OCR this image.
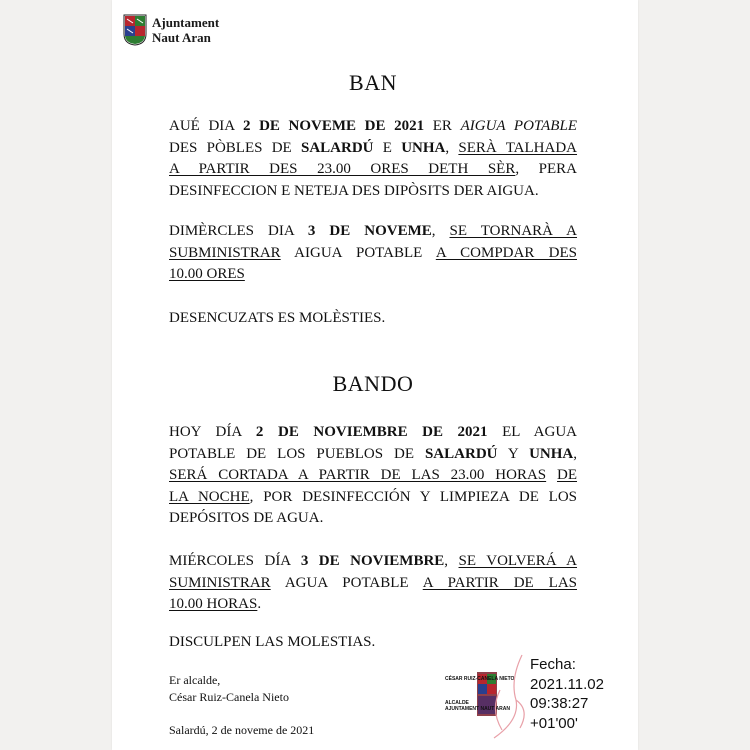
Ajuntament
Naut Aran
BAN
AUÉ DIA 2 DE NOVEME DE 2021 ER AIGUA POTABLE
DES PÒBLES DE SALARDÚ E UNHA, SERÀ TALHADA
A PARTIR DES 23.00 ORES DETH SÈR, PERA
DESINFECCION E NETEJA DES DIPÒSITS DER AIGUA.
DIMÈRCLES DIA 3 DE NOVEME, SE TORNARÀ A
SUBMINISTRAR AIGUA POTABLE A COMPDAR DES
10.00 ORES
DESENCUZATS ES MOLÈSTIES.
BANDO
HOY DÍA 2 DE NOVIEMBRE DE 2021 EL AGUA
POTABLE DE LOS PUEBLOS DE SALARDÚ Y UNHA,
SERÁ CORTADA A PARTIR DE LAS 23.00 HORAS DE
LA NOCHE, POR DESINFECCIÓN Y LIMPIEZA DE LOS
DEPÓSITOS DE AGUA.
MIÉRCOLES DÍA 3 DE NOVIEMBRE, SE VOLVERÁ A
SUMINISTRAR AGUA POTABLE A PARTIR DE LAS
10.00 HORAS.
DISCULPEN LAS MOLESTIAS.
Er alcalde,
César Ruiz-Canela Nieto
Salardú, 2 de noveme de 2021
CÉSAR RUIZ-CANELA NIETO
ALCALDE
AJUNTAMENT NAUT ARAN
Fecha:
2021.11.02
09:38:27
+01'00'
